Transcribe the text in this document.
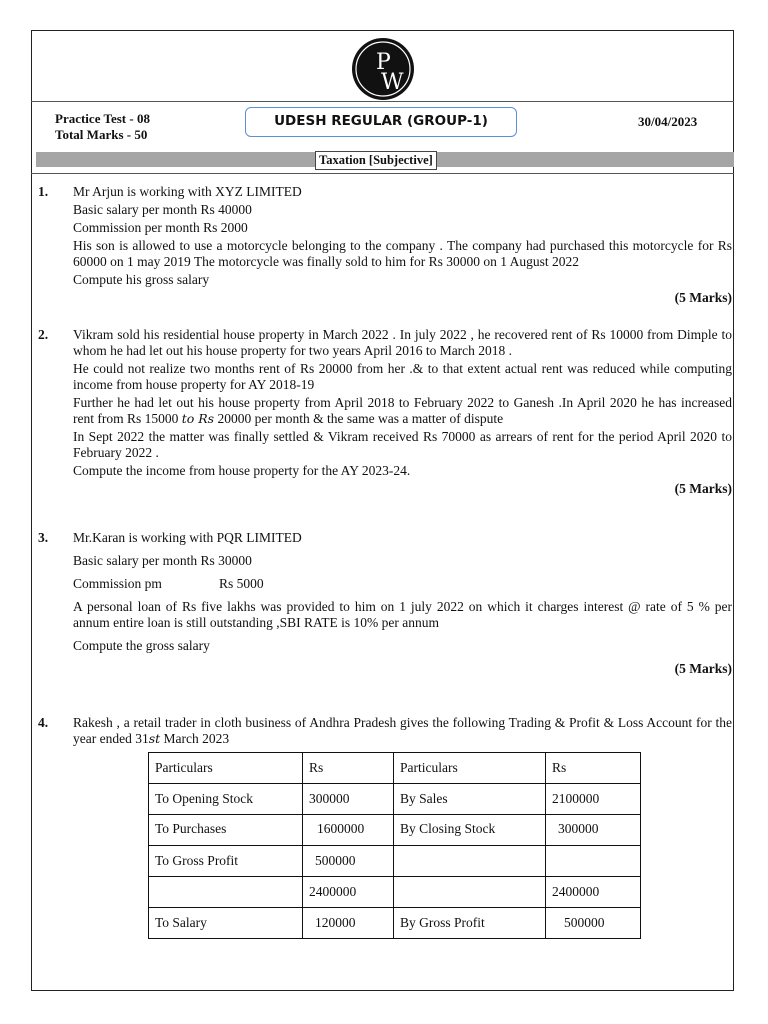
P
W
Practice Test - 08
Total Marks - 50
UDESH REGULAR (GROUP-1)	30/04/2023
Taxation [Subjective]
1. Mr Arjun is working with XYZ LIMITED

Basic salary per month Rs 40000

Commission per month Rs 2000

His son is allowed to use a motorcycle belonging to the company . The company had purchased this motorcycle for Rs 60000 on 1 may 2019 The motorcycle was finally sold to him for Rs 30000 on 1 August 2022

Compute his gross salary

(5 Marks)
2. Vikram sold his residential house property in March 2022 . In july 2022 , he recovered rent of Rs 10000 from Dimple to whom he had let out his house property for two years April 2016 to March 2018 .

He could not realize two months rent of Rs 20000 from her .& to that extent actual rent was reduced while computing income from house property for AY 2018-19

Further he had let out his house property from April 2018 to February 2022 to Ganesh .In April 2020 he has increased rent from Rs 15000 to Rs 20000 per month & the same was a matter of dispute

In Sept 2022 the matter was finally settled & Vikram received Rs 70000 as arrears of rent for the period April 2020 to February 2022 .

Compute the income from house property for the AY 2023-24.

(5 Marks)
3. Mr.Karan is working with PQR LIMITED

Basic salary per month Rs 30000

Commission pm	Rs 5000

A personal loan of Rs five lakhs was provided to him on 1 july 2022 on which it charges interest @ rate of 5 % per annum entire loan is still outstanding ,SBI RATE is 10% per annum

Compute the gross salary

(5 Marks)
4. Rakesh , a retail trader in cloth business of Andhra Pradesh gives the following Trading & Profit & Loss Account for the year ended 31st March 2023

Particulars	Rs	Particulars	Rs
To Opening Stock	300000	By Sales	2100000
To Purchases	1600000	By Closing Stock	300000

To Gross Profit	500000		
	2400000		2400000
To Salary	120000	By Gross Profit	500000
